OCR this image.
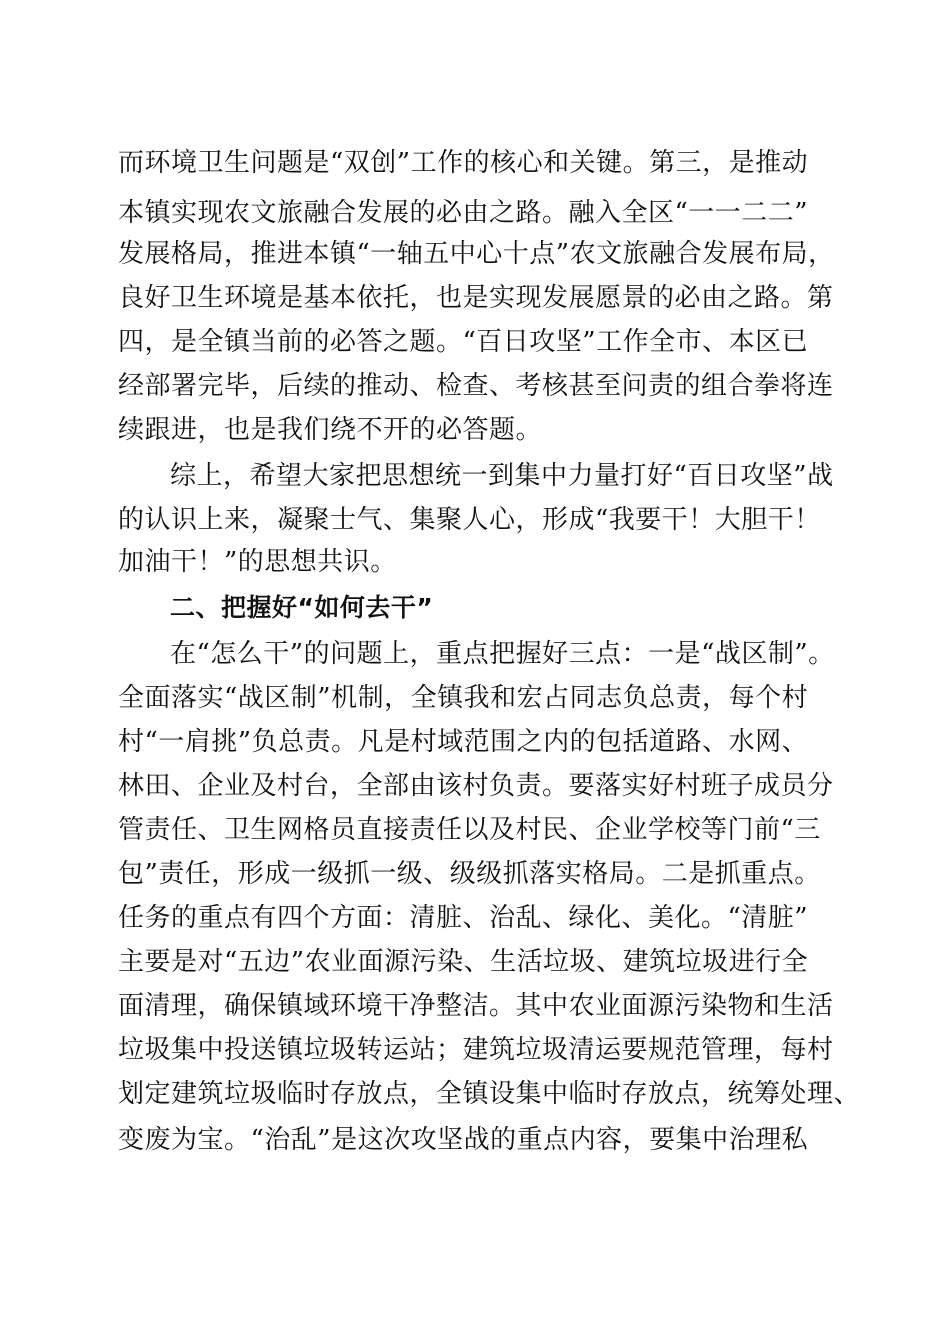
而环境卫生问题是“双创”工作的核心和关键。第三，是推动
本镇实现农文旅融合发展的必由之路。融入全区“一一二二”
发展格局，推进本镇“一轴五中心十点”农文旅融合发展布局，
良好卫生环境是基本依托，也是实现发展愿景的必由之路。第
四，是全镇当前的必答之题。“百日攻坚”工作全市、本区已
经部署完毕，后续的推动、检查、考核甚至问责的组合拳将连
续跟进，也是我们绕不开的必答题。
综上，希望大家把思想统一到集中力量打好“百日攻坚”战
的认识上来，凝聚士气、集聚人心，形成“我要干！大胆干！
加油干！”的思想共识。
二、把握好“如何去干”
在“怎么干”的问题上，重点把握好三点：一是“战区制”。
全面落实“战区制”机制，全镇我和宏占同志负总责，每个村
村“一肩挑”负总责。凡是村域范围之内的包括道路、水网、
林田、企业及村台，全部由该村负责。要落实好村班子成员分
管责任、卫生网格员直接责任以及村民、企业学校等门前“三
包”责任，形成一级抓一级、级级抓落实格局。二是抓重点。
任务的重点有四个方面：清脏、治乱、绿化、美化。“清脏”
主要是对“五边”农业面源污染、生活垃圾、建筑垃圾进行全
面清理，确保镇域环境干净整洁。其中农业面源污染物和生活
垃圾集中投送镇垃圾转运站；建筑垃圾清运要规范管理，每村
划定建筑垃圾临时存放点，全镇设集中临时存放点，统筹处理、
变废为宝。“治乱”是这次攻坚战的重点内容，要集中治理私
